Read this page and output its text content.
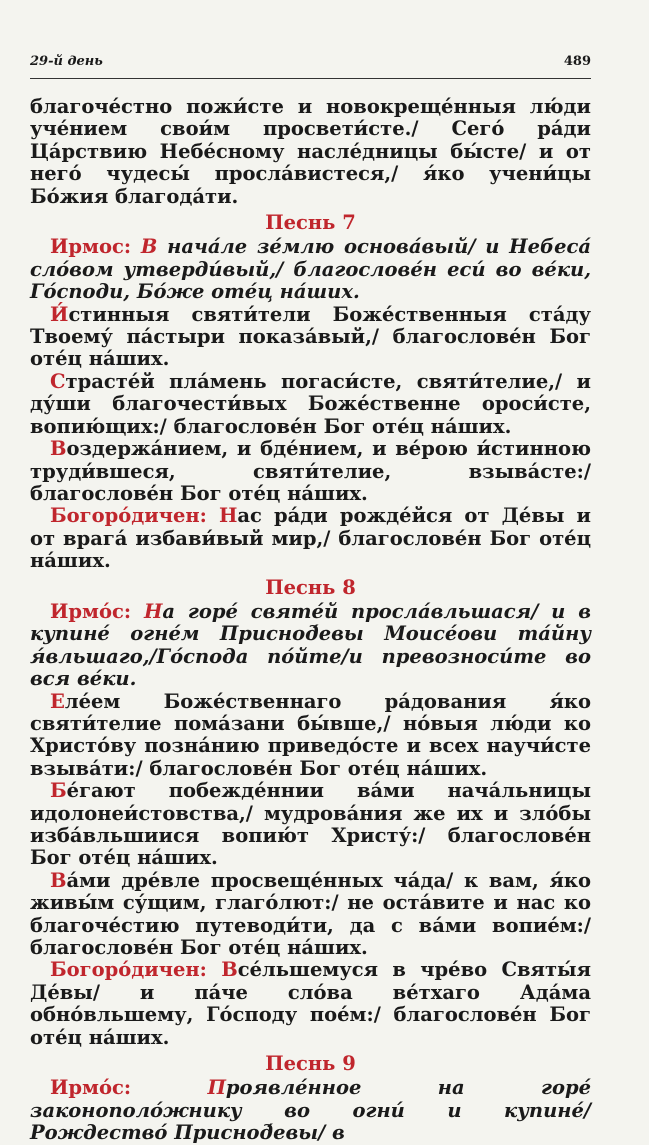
29-й день	489
благоче́стно пожи́сте и новокреще́нныя лю́ди уче́нием свои́м просвети́сте./ Сего́ ра́ди Ца́рствию Небе́сному насле́дницы бы́сте/ и от него́ чудесы́ просла́вистеся,/ я́ко учени́цы Бо́жия благода́ти.
Песнь 7
Ирмос: В нача́ле зе́млю основа́вый/ и Небеса́ сло́вом утверди́вый,/ благослове́н еси́ во ве́ки, Го́споди, Бо́же оте́ц на́ших.
И́стинныя святи́тели Боже́ственныя ста́ду Твоему́ па́стыри показа́вый,/ благослове́н Бог оте́ц на́ших.
Страсте́й пла́мень погаси́сте, святи́телие,/ и ду́ши благочести́вых Боже́ственне ороси́сте, вопию́щих:/ благослове́н Бог оте́ц на́ших.
Воздержа́нием, и бде́нием, и ве́рою и́стинною труди́вшеся, святи́телие, взыва́сте:/ благослове́н Бог оте́ц на́ших.
Богоро́дичен: Нас ра́ди рожде́йся от Де́вы и от врага́ избави́вый мир,/ благослове́н Бог оте́ц на́ших.
Песнь 8
Ирмо́с: На горе́ святе́й просла́вльшася/ и в купине́ огне́м Приснод́евы Моисе́ови та́йну я́вльшаго,/Го́спода по́йте/и превозноси́те во вся ве́ки.
Еле́ем Боже́ственнаго ра́дования я́ко святи́телие пома́зани бы́вше,/ но́выя лю́ди ко Христо́ву позна́нию приведо́сте и всех научи́сте взыва́ти:/ благослове́н Бог оте́ц на́ших.
Бе́гают побежде́ннии ва́ми нача́льницы идолонеи́стовства,/ мудрова́ния же их и зло́бы изба́вльшиися вопию́т Христу́:/ благослове́н Бог оте́ц на́ших.
Ва́ми дре́вле просвеще́нных ча́да/ к вам, я́ко живы́м су́щим, глаго́лют:/ не оста́вите и нас ко благоче́стию путеводи́ти, да с ва́ми вопие́м:/ благослове́н Бог оте́ц на́ших.
Богоро́дичен: Все́льшемуся в чре́во Святы́я Де́вы/ и па́че сло́ва ве́тхаго Ада́ма обно́вльшему, Го́споду пое́м:/ благослове́н Бог оте́ц на́ших.
Песнь 9
Ирмо́с:	Проявле́нное на горе́ законополо́жнику во огни́ и купине́/ Рождество́ Приснод́евы/ в
